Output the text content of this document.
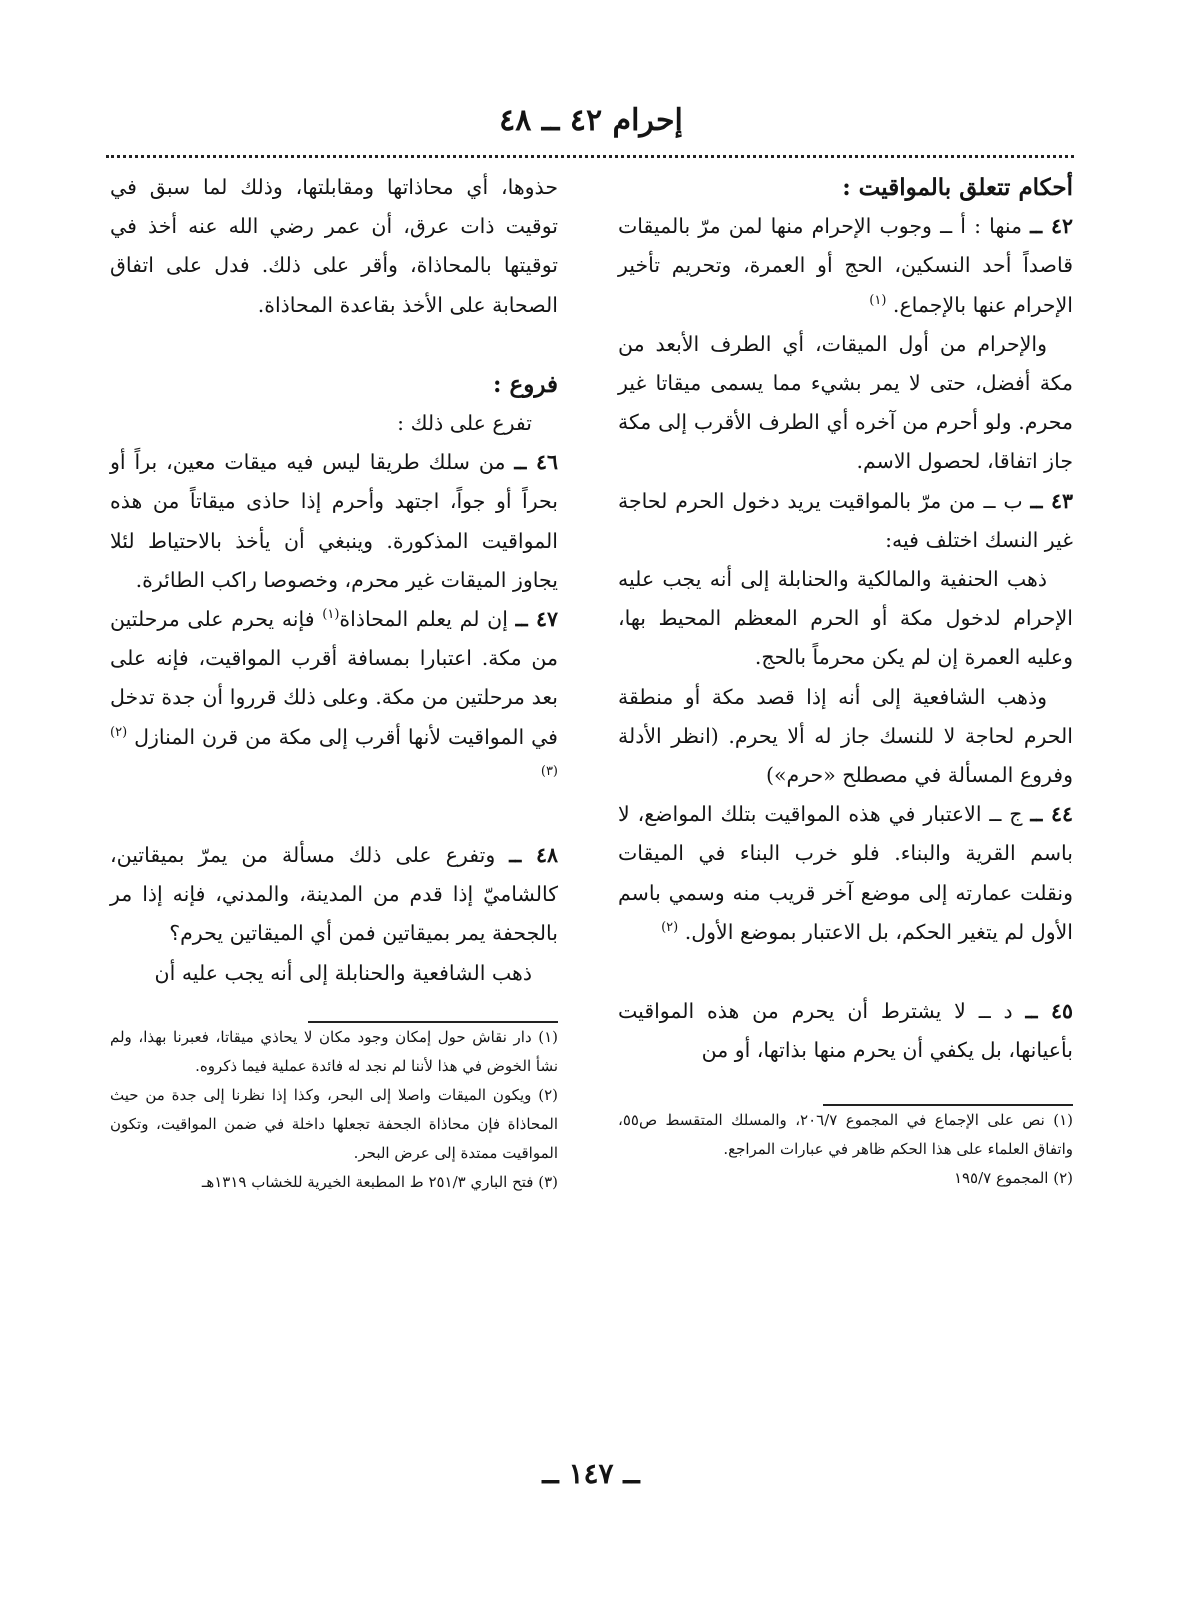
إحرام ٤٢ ــ ٤٨

أحكام تتعلق بالمواقيت :

٤٢ ــ منها : أ ــ وجوب الإحرام منها لمن مرّ بالميقات قاصداً أحد النسكين، الحج أو العمرة، وتحريم تأخير الإحرام عنها بالإجماع. $^{(١)}$

والإحرام من أول الميقات، أي الطرف الأبعد من مكة أفضل، حتى لا يمر بشيء مما يسمى ميقاتا غير محرم. ولو أحرم من آخره أي الطرف الأقرب إلى مكة جاز اتفاقا، لحصول الاسم.

٤٣ ــ ب ــ من مرّ بالمواقيت يريد دخول الحرم لحاجة غير النسك اختلف فيه:

ذهب الحنفية والمالكية والحنابلة إلى أنه يجب عليه الإحرام لدخول مكة أو الحرم المعظم المحيط بها، وعليه العمرة إن لم يكن محرماً بالحج.

وذهب الشافعية إلى أنه إذا قصد مكة أو منطقة الحرم لحاجة لا للنسك جاز له ألا يحرم. (انظر الأدلة وفروع المسألة في مصطلح «حرم»)

٤٤ ــ ج ــ الاعتبار في هذه المواقيت بتلك المواضع، لا باسم القرية والبناء. فلو خرب البناء في الميقات ونقلت عمارته إلى موضع آخر قريب منه وسمي باسم الأول لم يتغير الحكم، بل الاعتبار بموضع الأول. $^{(٢)}$

٤٥ ــ د ــ لا يشترط أن يحرم من هذه المواقيت بأعيانها، بل يكفي أن يحرم منها بذاتها، أو من

(١) نص على الإجماع في المجموع ٢٠٦/٧، والمسلك المتقسط ص٥٥، واتفاق العلماء على هذا الحكم ظاهر في عبارات المراجع.

(٢) المجموع ١٩٥/٧

حذوها، أي محاذاتها ومقابلتها، وذلك لما سبق في توقيت ذات عرق، أن عمر رضي الله عنه أخذ في توقيتها بالمحاذاة، وأقر على ذلك. فدل على اتفاق الصحابة على الأخذ بقاعدة المحاذاة.

فروع :

تفرع على ذلك :

٤٦ ــ من سلك طريقا ليس فيه ميقات معين، براً أو بحراً أو جواً، اجتهد وأحرم إذا حاذى ميقاتاً من هذه المواقيت المذكورة. وينبغي أن يأخذ بالاحتياط لئلا يجاوز الميقات غير محرم، وخصوصا راكب الطائرة.

٤٧ ــ إن لم يعلم المحاذاة$^{(١)}$ فإنه يحرم على مرحلتين من مكة. اعتبارا بمسافة أقرب المواقيت، فإنه على بعد مرحلتين من مكة. وعلى ذلك قرروا أن جدة تدخل في المواقيت لأنها أقرب إلى مكة من قرن المنازل $^{(٢) (٣)}$

٤٨ ــ وتفرع على ذلك مسألة من يمرّ بميقاتين، كالشاميّ إذا قدم من المدينة، والمدني، فإنه إذا مر بالجحفة يمر بميقاتين فمن أي الميقاتين يحرم؟

ذهب الشافعية والحنابلة إلى أنه يجب عليه أن

(١) دار نقاش حول إمكان وجود مكان لا يحاذي ميقاتا، فعبرنا بهذا، ولم نشأ الخوض في هذا لأننا لم نجد له فائدة عملية فيما ذكروه.

(٢) ويكون الميقات واصلا إلى البحر، وكذا إذا نظرنا إلى جدة من حيث المحاذاة فإن محاذاة الجحفة تجعلها داخلة في ضمن المواقيت، وتكون المواقيت ممتدة إلى عرض البحر.

(٣) فتح الباري ٢٥١/٣ ط المطبعة الخيرية للخشاب ١٣١٩هـ

ــ ١٤٧ ــ
